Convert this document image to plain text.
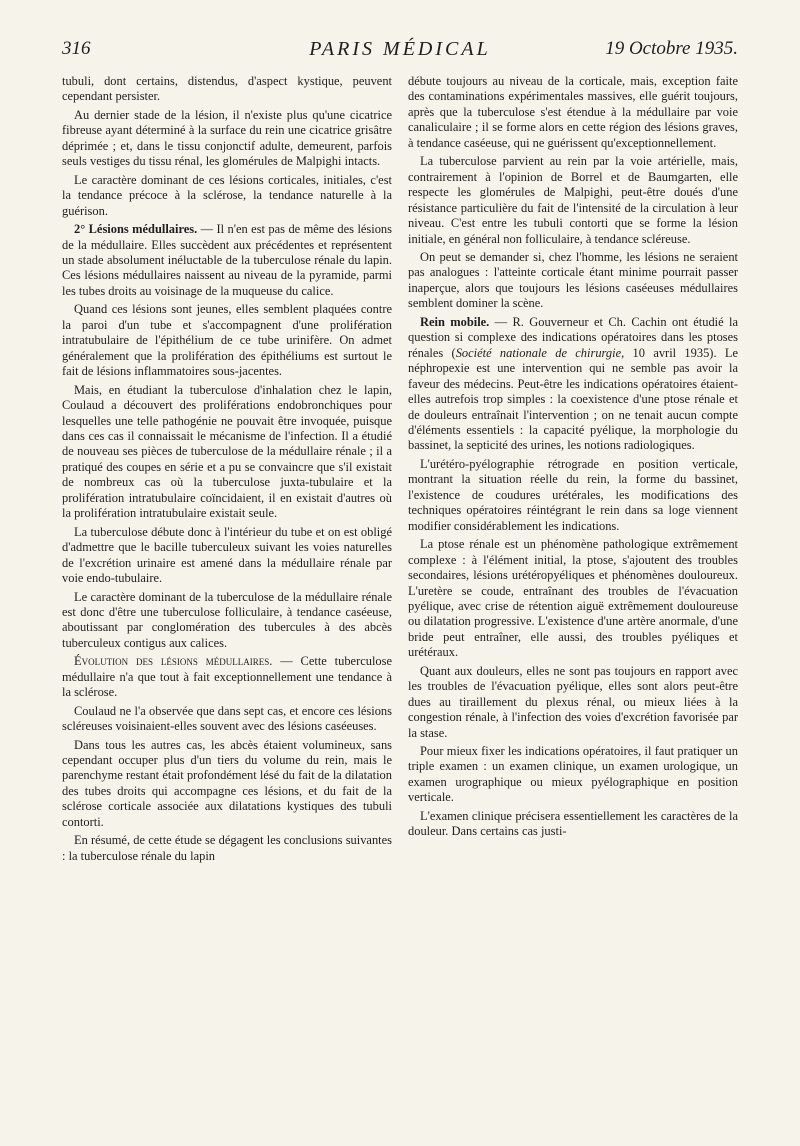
316	PARIS MÉDICAL	19 Octobre 1935.

tubuli, dont certains, distendus, d'aspect kystique, peuvent cependant persister.

Au dernier stade de la lésion, il n'existe plus qu'une cicatrice fibreuse ayant déterminé à la surface du rein une cicatrice grisâtre déprimée ; et, dans le tissu conjonctif adulte, demeurent, parfois seuls vestiges du tissu rénal, les glomérules de Malpighi intacts.

Le caractère dominant de ces lésions corticales, initiales, c'est la tendance précoce à la sclérose, la tendance naturelle à la guérison.

2° Lésions médullaires. — Il n'en est pas de même des lésions de la médullaire. Elles succèdent aux précédentes et représentent un stade absolument inéluctable de la tuberculose rénale du lapin. Ces lésions médullaires naissent au niveau de la pyramide, parmi les tubes droits au voisinage de la muqueuse du calice.

Quand ces lésions sont jeunes, elles semblent plaquées contre la paroi d'un tube et s'accompagnent d'une prolifération intratubulaire de l'épithélium de ce tube urinifère. On admet généralement que la prolifération des épithéliums est surtout le fait de lésions inflammatoires sous-jacentes.

Mais, en étudiant la tuberculose d'inhalation chez le lapin, Coulaud a découvert des proliférations endobronchiques pour lesquelles une telle pathogénie ne pouvait être invoquée, puisque dans ces cas il connaissait le mécanisme de l'infection. Il a étudié de nouveau ses pièces de tuberculose de la médullaire rénale ; il a pratiqué des coupes en série et a pu se convaincre que s'il existait de nombreux cas où la tuberculose juxta-tubulaire et la prolifération intratubulaire coïncidaient, il en existait d'autres où la prolifération intratubulaire existait seule.

La tuberculose débute donc à l'intérieur du tube et on est obligé d'admettre que le bacille tuberculeux suivant les voies naturelles de l'excrétion urinaire est amené dans la médullaire rénale par voie endo-tubulaire.

Le caractère dominant de la tuberculose de la médullaire rénale est donc d'être une tuberculose folliculaire, à tendance caséeuse, aboutissant par conglomération des tubercules à des abcès tuberculeux contigus aux calices.

Évolution des lésions médullaires. — Cette tuberculose médullaire n'a que tout à fait exceptionnellement une tendance à la sclérose.

Coulaud ne l'a observée que dans sept cas, et encore ces lésions scléreuses voisinaient-elles souvent avec des lésions caséeuses.

Dans tous les autres cas, les abcès étaient volumineux, sans cependant occuper plus d'un tiers du volume du rein, mais le parenchyme restant était profondément lésé du fait de la dilatation des tubes droits qui accompagne ces lésions, et du fait de la sclérose corticale associée aux dilatations kystiques des tubuli contorti.

En résumé, de cette étude se dégagent les conclusions suivantes : la tuberculose rénale du lapin

débute toujours au niveau de la corticale, mais, exception faite des contaminations expérimentales massives, elle guérit toujours, après que la tuberculose s'est étendue à la médullaire par voie canaliculaire ; il se forme alors en cette région des lésions graves, à tendance caséeuse, qui ne guérissent qu'exceptionnellement.

La tuberculose parvient au rein par la voie artérielle, mais, contrairement à l'opinion de Borrel et de Baumgarten, elle respecte les glomérules de Malpighi, peut-être doués d'une résistance particulière du fait de l'intensité de la circulation à leur niveau. C'est entre les tubuli contorti que se forme la lésion initiale, en général non folliculaire, à tendance scléreuse.

On peut se demander si, chez l'homme, les lésions ne seraient pas analogues : l'atteinte corticale étant minime pourrait passer inaperçue, alors que toujours les lésions caséeuses médullaires semblent dominer la scène.

Rein mobile. — R. Gouverneur et Ch. Cachin ont étudié la question si complexe des indications opératoires dans les ptoses rénales (Société nationale de chirurgie, 10 avril 1935). Le néphropexie est une intervention qui ne semble pas avoir la faveur des médecins. Peut-être les indications opératoires étaient-elles autrefois trop simples : la coexistence d'une ptose rénale et de douleurs entraînait l'intervention ; on ne tenait aucun compte d'éléments essentiels : la capacité pyélique, la morphologie du bassinet, la septicité des urines, les notions radiologiques.

L'urétéro-pyélographie rétrograde en position verticale, montrant la situation réelle du rein, la forme du bassinet, l'existence de coudures urétérales, les modifications des techniques opératoires réintégrant le rein dans sa loge viennent modifier considérablement les indications.

La ptose rénale est un phénomène pathologique extrêmement complexe : à l'élément initial, la ptose, s'ajoutent des troubles secondaires, lésions urétéropyéliques et phénomènes douloureux. L'uretère se coude, entraînant des troubles de l'évacuation pyélique, avec crise de rétention aiguë extrêmement douloureuse ou dilatation progressive. L'existence d'une artère anormale, d'une bride peut entraîner, elle aussi, des troubles pyéliques et urétéraux.

Quant aux douleurs, elles ne sont pas toujours en rapport avec les troubles de l'évacuation pyélique, elles sont alors peut-être dues au tiraillement du plexus rénal, ou mieux liées à la congestion rénale, à l'infection des voies d'excrétion favorisée par la stase.

Pour mieux fixer les indications opératoires, il faut pratiquer un triple examen : un examen clinique, un examen urologique, un examen urographique ou mieux pyélographique en position verticale.

L'examen clinique précisera essentiellement les caractères de la douleur. Dans certains cas justi-
